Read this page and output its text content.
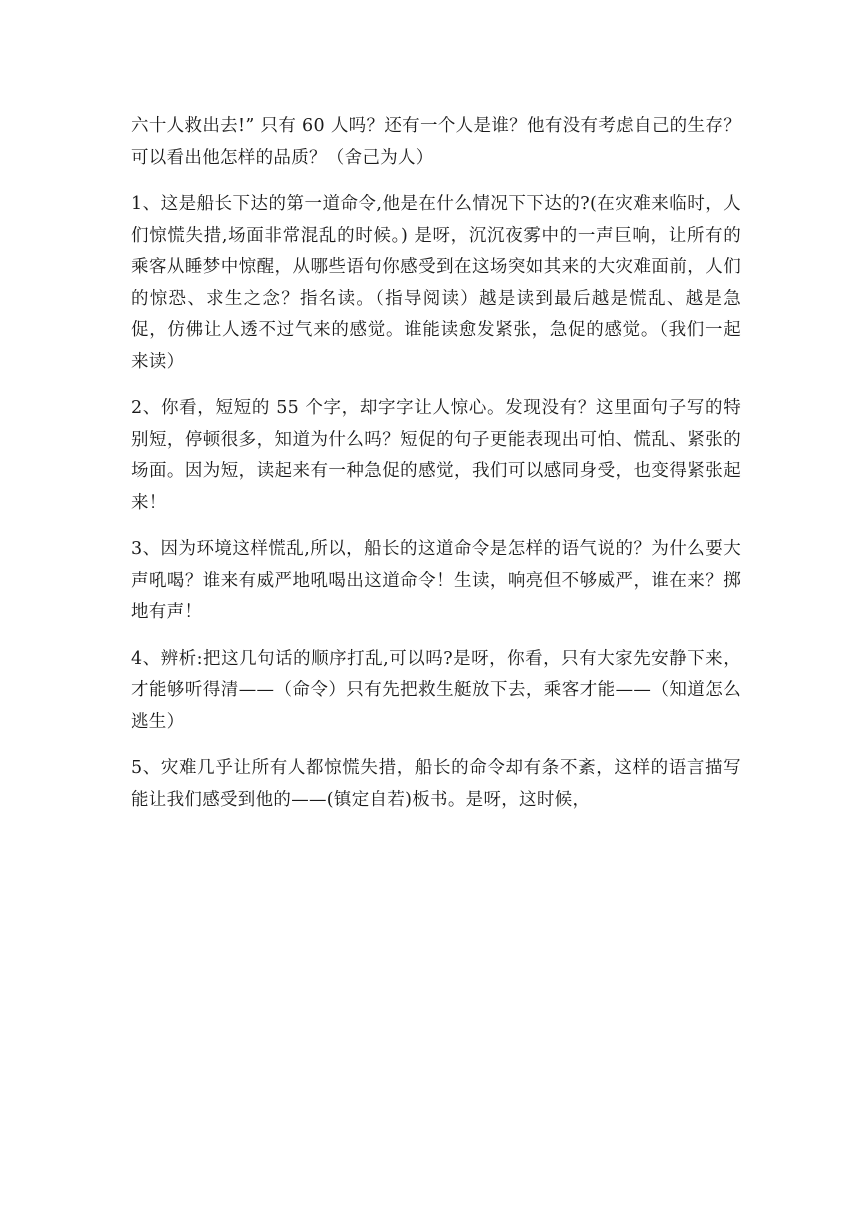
六十人救出去!” 只有 60 人吗？还有一个人是谁？他有没有考虑自己的生存？可以看出他怎样的品质？（舍己为人）

1、这是船长下达的第一道命令,他是在什么情况下下达的?(在灾难来临时，人们惊慌失措,场面非常混乱的时候。) 是呀，沉沉夜雾中的一声巨响，让所有的乘客从睡梦中惊醒，从哪些语句你感受到在这场突如其来的大灾难面前，人们的惊恐、求生之念？指名读。（指导阅读）越是读到最后越是慌乱、越是急促，仿佛让人透不过气来的感觉。谁能读愈发紧张，急促的感觉。（我们一起来读）

2、你看，短短的 55 个字，却字字让人惊心。发现没有？这里面句子写的特别短，停顿很多，知道为什么吗？短促的句子更能表现出可怕、慌乱、紧张的场面。因为短，读起来有一种急促的感觉，我们可以感同身受，也变得紧张起来！

3、因为环境这样慌乱,所以，船长的这道命令是怎样的语气说的？为什么要大声吼喝？谁来有威严地吼喝出这道命令！生读，响亮但不够威严，谁在来？掷地有声！

4、辨析:把这几句话的顺序打乱,可以吗?是呀，你看，只有大家先安静下来，才能够听得清——（命令）只有先把救生艇放下去，乘客才能——（知道怎么逃生）

5、灾难几乎让所有人都惊慌失措，船长的命令却有条不紊，这样的语言描写能让我们感受到他的——(镇定自若)板书。是呀，这时候，
